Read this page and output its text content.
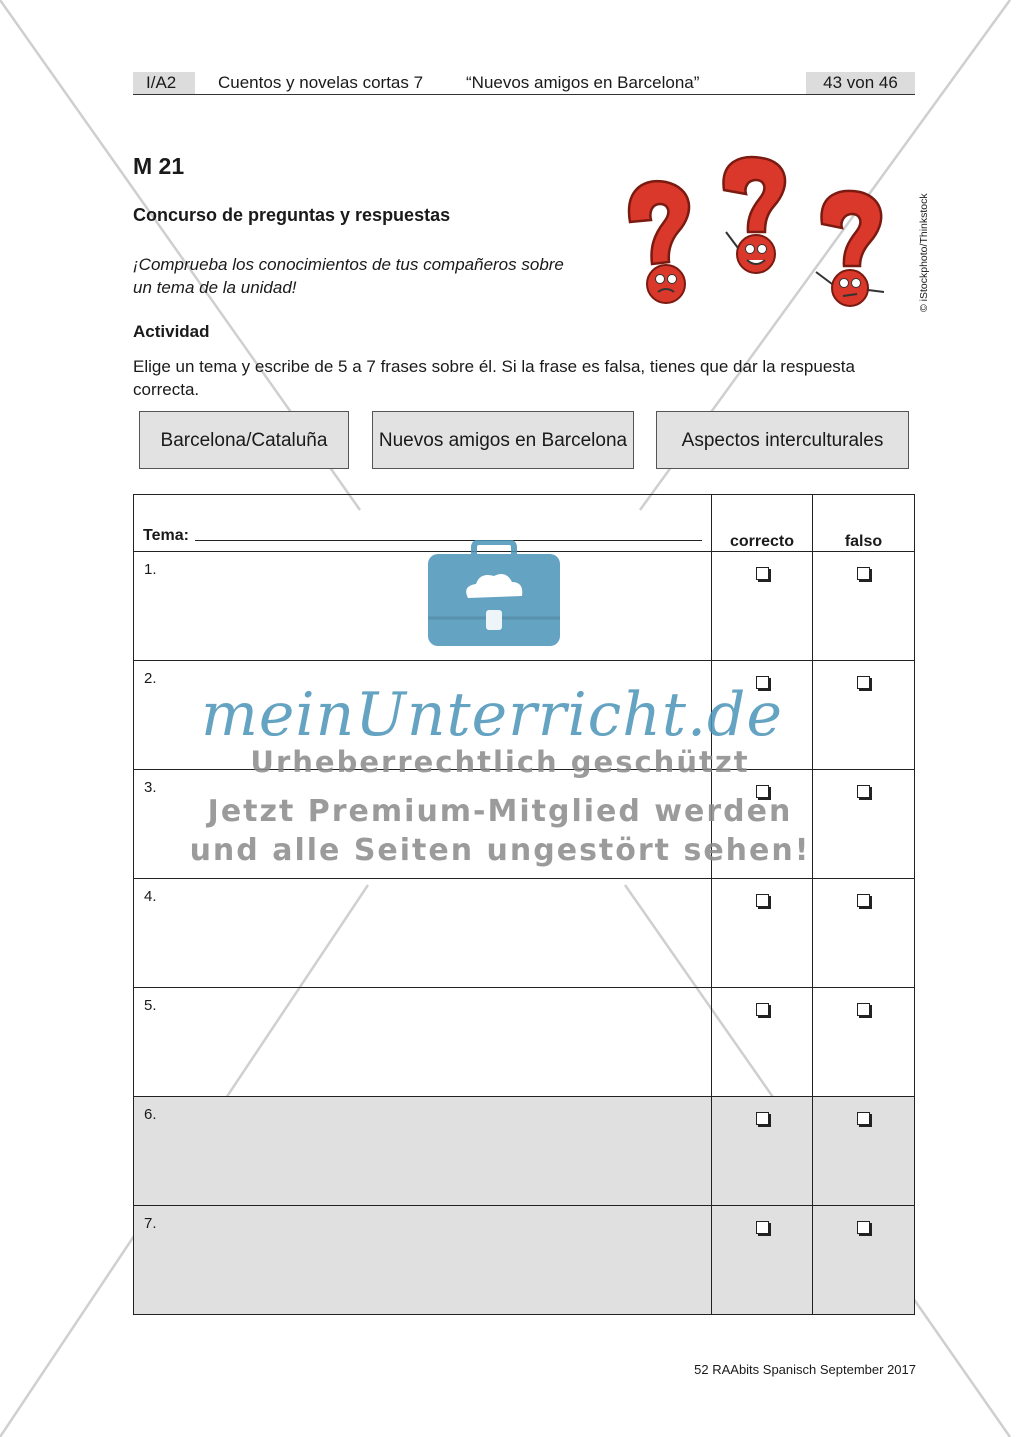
I/A2	Cuentos y novelas cortas 7	“Nuevos amigos en Barcelona”	43 von 46
M 21
Concurso de preguntas y respuestas
¡Comprueba los conocimientos de tus compañeros sobre un tema de la unidad!	© iStockphoto/Thinkstock
Actividad
Elige un tema y escribe de 5 a 7 frases sobre él. Si la frase es falsa, tienes que dar la respuesta correcta.
Barcelona/Cataluña	Nuevos amigos en Barcelona	Aspectos interculturales
Tema:	correcto	falso

1.		

2.		

3.		

4.		

5.		

6.		

7.		

meinUnterricht.de
Urheberrechtlich geschützt
Jetzt Premium-Mitglied werden
und alle Seiten ungestört sehen!
52 RAAbits Spanisch September 2017
